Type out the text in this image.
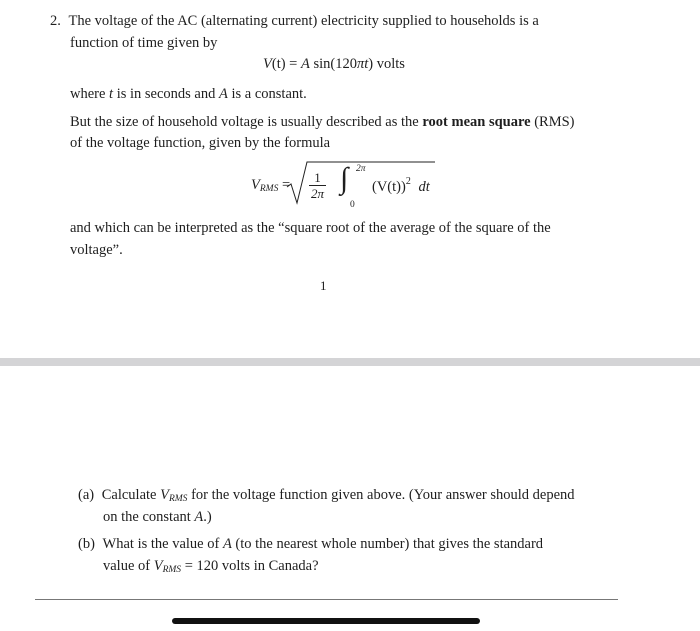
2. The voltage of the AC (alternating current) electricity supplied to households is a
function of time given by
V(t) = A sin(120πt) volts
where t is in seconds and A is a constant.
But the size of household voltage is usually described as the root mean square (RMS)
of the voltage function, given by the formula
VRMS = $\frac{1}{2\pi}$ ∫ 2π
0
$(V(t))^2$ dt
and which can be interpreted as the “square root of the average of the square of the
voltage”.
1
(a) Calculate VRMS for the voltage function given above. (Your answer should depend
on the constant A.)
(b) What is the value of A (to the nearest whole number) that gives the standard
value of VRMS = 120 volts in Canada?
